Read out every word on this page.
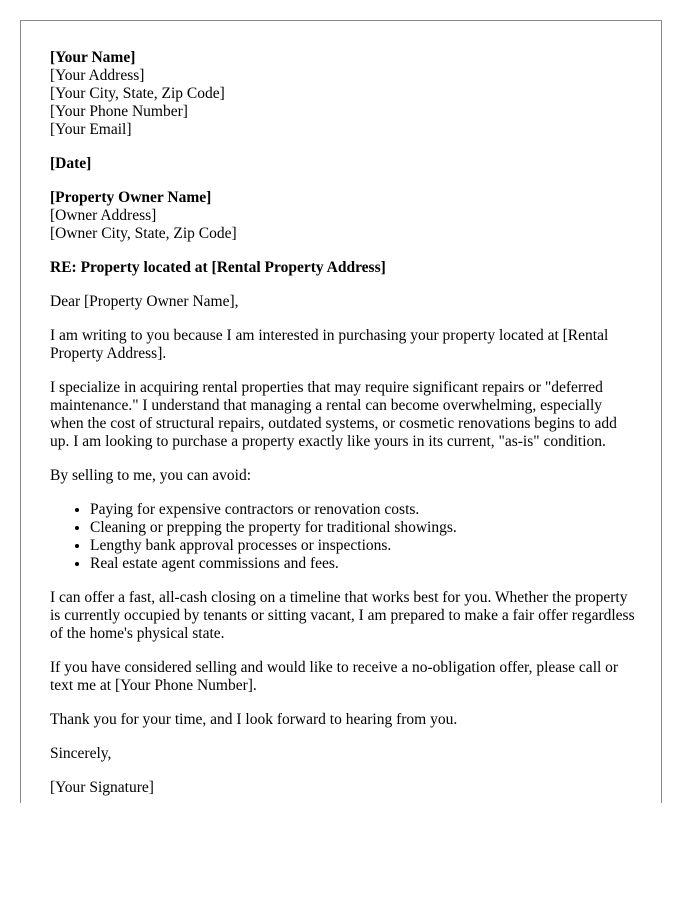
[Your Name]
[Your Address]
[Your City, State, Zip Code]
[Your Phone Number]
[Your Email]
[Date]
[Property Owner Name]
[Owner Address]
[Owner City, State, Zip Code]

RE: Property located at [Rental Property Address]

Dear [Property Owner Name],

I am writing to you because I am interested in purchasing your property located at [Rental Property Address].

I specialize in acquiring rental properties that may require significant repairs or "deferred maintenance." I understand that managing a rental can become overwhelming, especially when the cost of structural repairs, outdated systems, or cosmetic renovations begins to add up. I am looking to purchase a property exactly like yours in its current, "as-is" condition.

By selling to me, you can avoid:

• Paying for expensive contractors or renovation costs.
• Cleaning or prepping the property for traditional showings.
• Lengthy bank approval processes or inspections.
• Real estate agent commissions and fees.

I can offer a fast, all-cash closing on a timeline that works best for you. Whether the property is currently occupied by tenants or sitting vacant, I am prepared to make a fair offer regardless of the home's physical state.

If you have considered selling and would like to receive a no-obligation offer, please call or text me at [Your Phone Number].

Thank you for your time, and I look forward to hearing from you.

Sincerely,

[Your Signature]
